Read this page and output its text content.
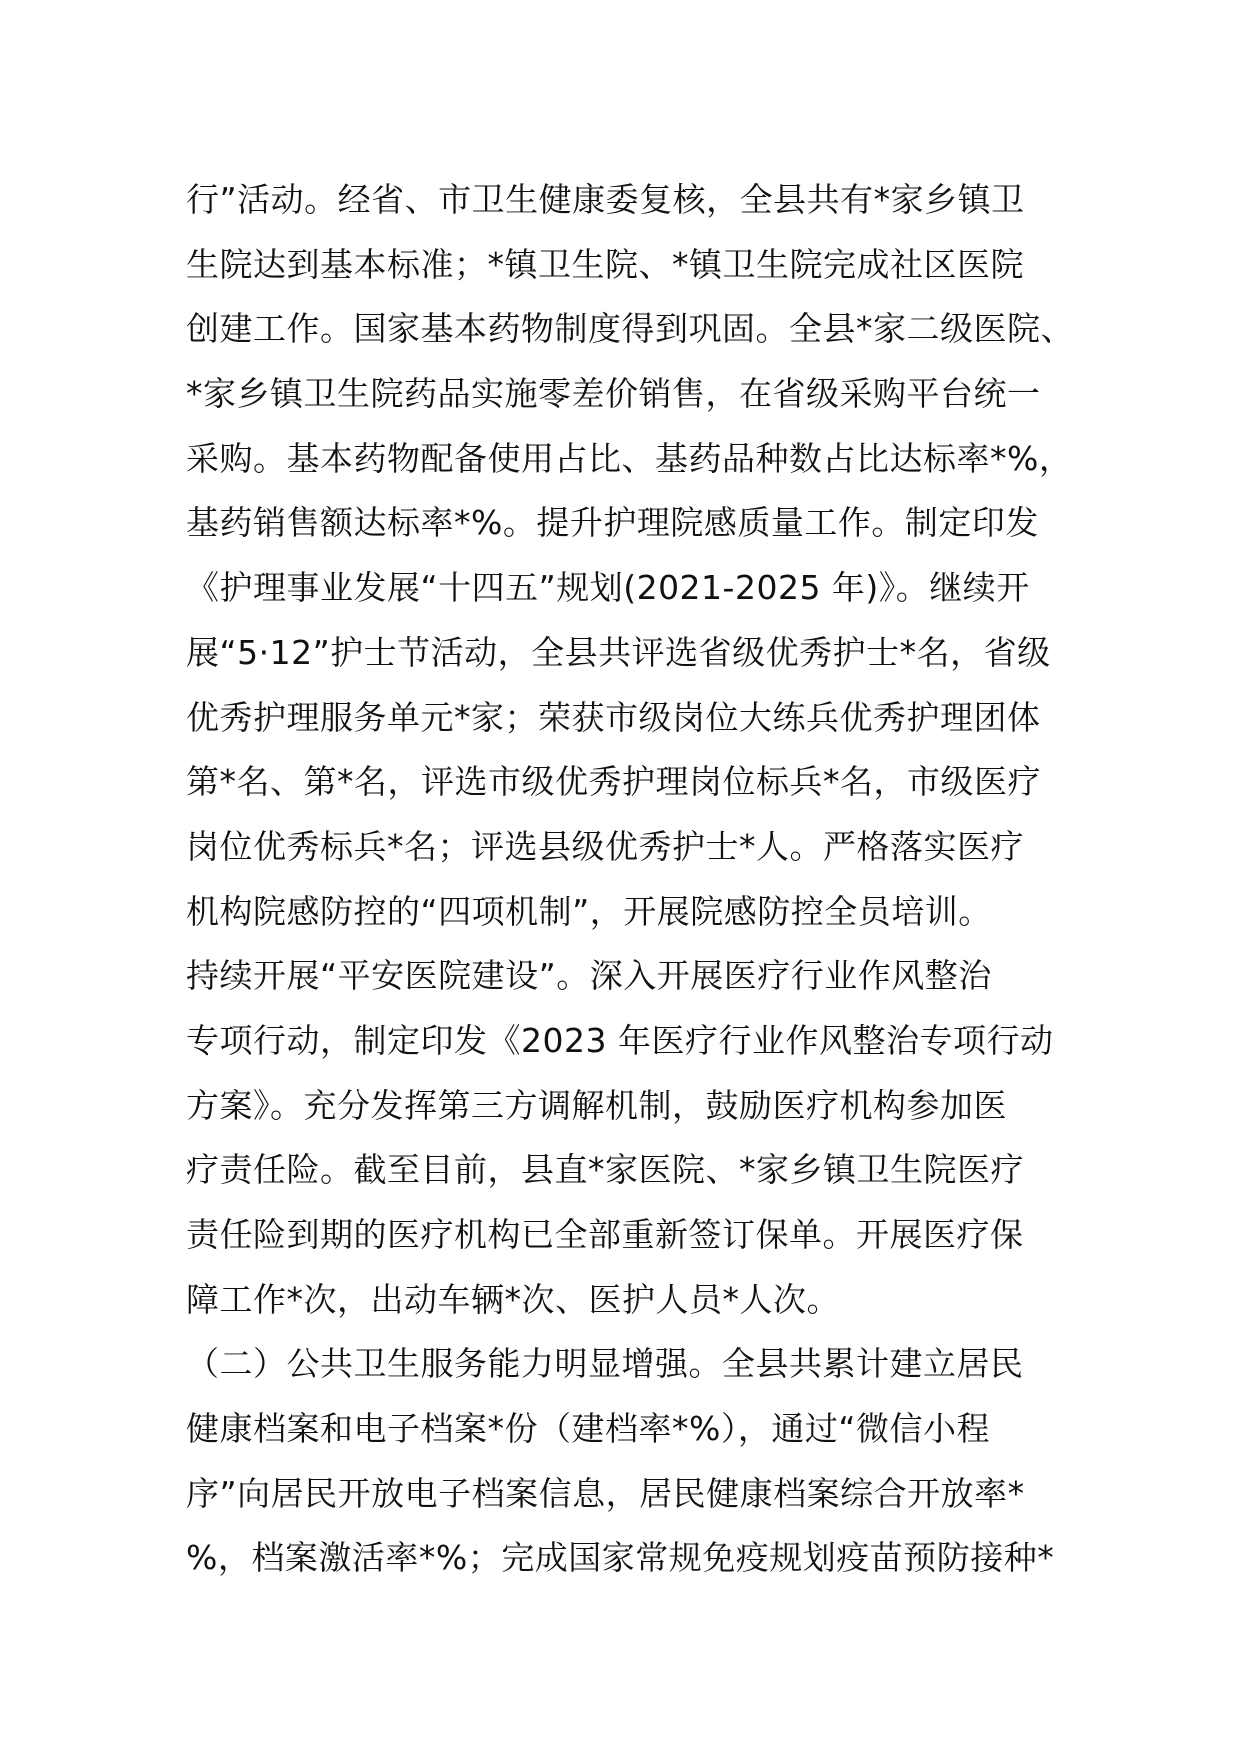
行”活动。经省、市卫生健康委复核，全县共有*家乡镇卫
生院达到基本标准；*镇卫生院、*镇卫生院完成社区医院
创建工作。国家基本药物制度得到巩固。全县*家二级医院、
*家乡镇卫生院药品实施零差价销售，在省级采购平台统一
采购。基本药物配备使用占比、基药品种数占比达标率*%，
基药销售额达标率*%。提升护理院感质量工作。制定印发
《护理事业发展“十四五”规划(2021-2025 年)》。继续开
展“5·12”护士节活动，全县共评选省级优秀护士*名，省级
优秀护理服务单元*家；荣获市级岗位大练兵优秀护理团体
第*名、第*名，评选市级优秀护理岗位标兵*名，市级医疗
岗位优秀标兵*名；评选县级优秀护士*人。严格落实医疗
机构院感防控的“四项机制”，开展院感防控全员培训。
持续开展“平安医院建设”。深入开展医疗行业作风整治
专项行动，制定印发《2023 年医疗行业作风整治专项行动
方案》。充分发挥第三方调解机制，鼓励医疗机构参加医
疗责任险。截至目前，县直*家医院、*家乡镇卫生院医疗
责任险到期的医疗机构已全部重新签订保单。开展医疗保
障工作*次，出动车辆*次、医护人员*人次。
（二）公共卫生服务能力明显增强。全县共累计建立居民
健康档案和电子档案*份（建档率*%），通过“微信小程
序”向居民开放电子档案信息，居民健康档案综合开放率*
%，档案激活率*%；完成国家常规免疫规划疫苗预防接种*
